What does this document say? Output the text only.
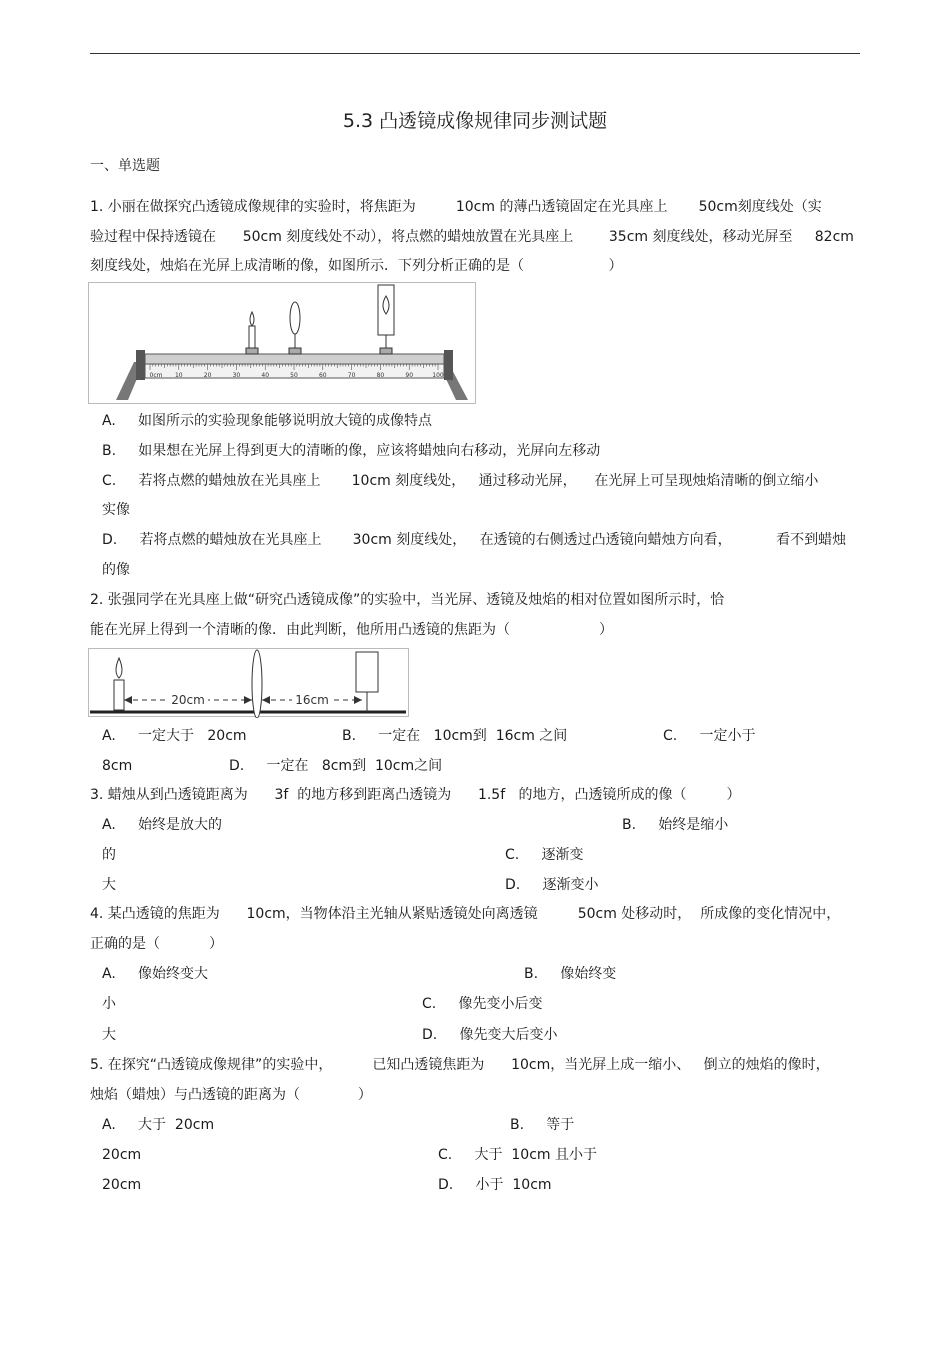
5.3 凸透镜成像规律同步测试题
一、单选题
1. 小丽在做探究凸透镜成像规律的实验时，将焦距为         10cm 的薄凸透镜固定在光具座上       50cm刻度线处（实
验过程中保持透镜在      50cm 刻度线处不动），将点燃的蜡烛放置在光具座上        35cm 刻度线处，移动光屏至     82cm
刻度线处，烛焰在光屏上成清晰的像，如图所示．下列分析正确的是（                   ）
0cm 10	20	30	40	50	60	70	80	90	100
A.     如图所示的实验现象能够说明放大镜的成像特点
B.     如果想在光屏上得到更大的清晰的像，应该将蜡烛向右移动，光屏向左移动
C.     若将点燃的蜡烛放在光具座上       10cm 刻度线处，   通过移动光屏，    在光屏上可呈现烛焰清晰的倒立缩小
实像
D.     若将点燃的蜡烛放在光具座上       30cm 刻度线处，   在透镜的右侧透过凸透镜向蜡烛方向看，          看不到蜡烛
的像
2. 张强同学在光具座上做“研究凸透镜成像”的实验中，当光屏、透镜及烛焰的相对位置如图所示时，恰
能在光屏上得到一个清晰的像．由此判断，他所用凸透镜的焦距为（                    ）
20cm	16cm
A.     一定大于   20cm	B.     一定在   10cm到  16cm 之间	C.     一定小于
8cm	D.     一定在   8cm到  10cm之间
3. 蜡烛从到凸透镜距离为      3f  的地方移到距离凸透镜为      1.5f   的地方，凸透镜所成的像（         ）
A.     始终是放大的	B.     始终是缩小
的	C.     逐渐变
大	D.     逐渐变小
4. 某凸透镜的焦距为      10cm，当物体沿主光轴从紧贴透镜处向离透镜         50cm 处移动时，  所成像的变化情况中，
正确的是（           ）
A.     像始终变大	B.     像始终变
小	C.     像先变小后变
大	D.     像先变大后变小
5. 在探究“凸透镜成像规律”的实验中，         已知凸透镜焦距为      10cm，当光屏上成一缩小、   倒立的烛焰的像时，
烛焰（蜡烛）与凸透镜的距离为（             ）
A.     大于  20cm	B.     等于
20cm	C.     大于  10cm 且小于
20cm	D.     小于  10cm
